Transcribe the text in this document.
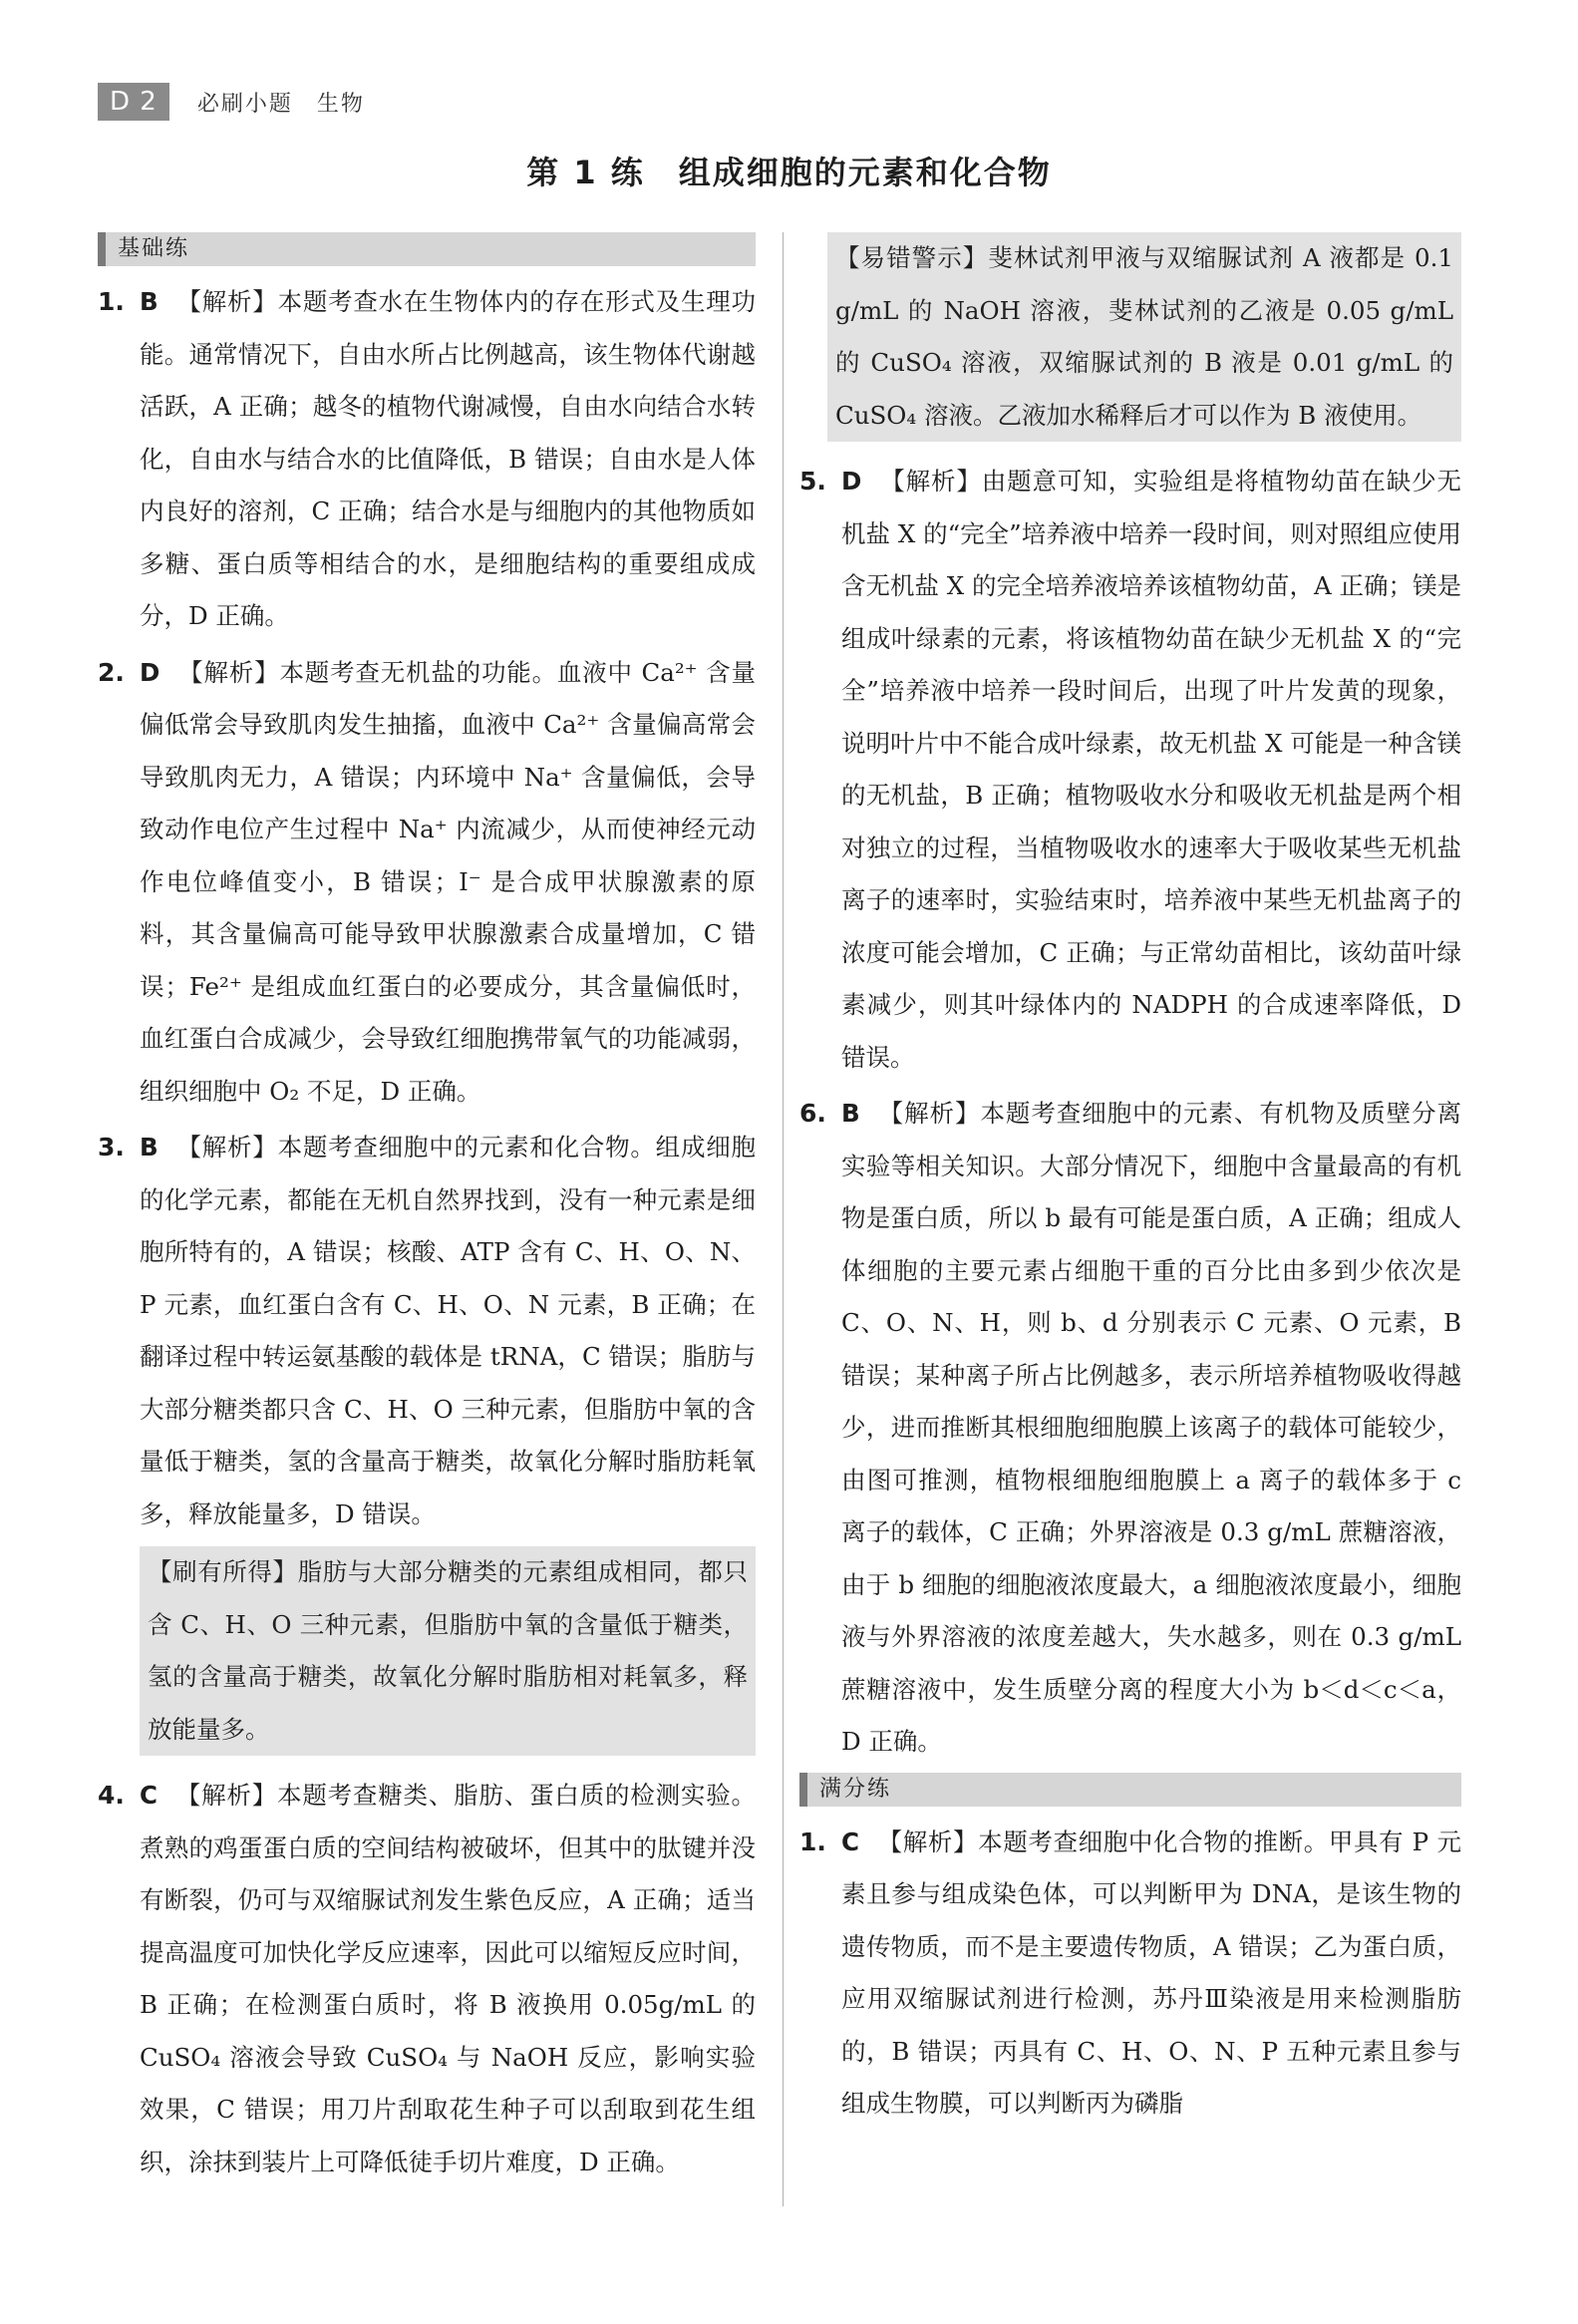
D 2	必刷小题　生物
第 1 练　组成细胞的元素和化合物
基础练
1. B 【解析】本题考查水在生物体内的存在形式及生理功能。通常情况下，自由水所占比例越高，该生物体代谢越活跃，A 正确；越冬的植物代谢减慢，自由水向结合水转化，自由水与结合水的比值降低，B 错误；自由水是人体内良好的溶剂，C 正确；结合水是与细胞内的其他物质如多糖、蛋白质等相结合的水，是细胞结构的重要组成成分，D 正确。
2. D 【解析】本题考查无机盐的功能。血液中 Ca²⁺ 含量偏低常会导致肌肉发生抽搐，血液中 Ca²⁺ 含量偏高常会导致肌肉无力，A 错误；内环境中 Na⁺ 含量偏低，会导致动作电位产生过程中 Na⁺ 内流减少，从而使神经元动作电位峰值变小，B 错误；I⁻ 是合成甲状腺激素的原料，其含量偏高可能导致甲状腺激素合成量增加，C 错误；Fe²⁺ 是组成血红蛋白的必要成分，其含量偏低时，血红蛋白合成减少，会导致红细胞携带氧气的功能减弱，组织细胞中 O₂ 不足，D 正确。
3. B 【解析】本题考查细胞中的元素和化合物。组成细胞的化学元素，都能在无机自然界找到，没有一种元素是细胞所特有的，A 错误；核酸、ATP 含有 C、H、O、N、P 元素，血红蛋白含有 C、H、O、N 元素，B 正确；在翻译过程中转运氨基酸的载体是 tRNA，C 错误；脂肪与大部分糖类都只含 C、H、O 三种元素，但脂肪中氧的含量低于糖类，氢的含量高于糖类，故氧化分解时脂肪耗氧多，释放能量多，D 错误。
【刷有所得】脂肪与大部分糖类的元素组成相同，都只含 C、H、O 三种元素，但脂肪中氧的含量低于糖类，氢的含量高于糖类，故氧化分解时脂肪相对耗氧多，释放能量多。
4. C 【解析】本题考查糖类、脂肪、蛋白质的检测实验。煮熟的鸡蛋蛋白质的空间结构被破坏，但其中的肽键并没有断裂，仍可与双缩脲试剂发生紫色反应，A 正确；适当提高温度可加快化学反应速率，因此可以缩短反应时间，B 正确；在检测蛋白质时，将 B 液换用 0.05g/mL 的 CuSO₄ 溶液会导致 CuSO₄ 与 NaOH 反应，影响实验效果，C 错误；用刀片刮取花生种子可以刮取到花生组织，涂抹到装片上可降低徒手切片难度，D 正确。
【易错警示】斐林试剂甲液与双缩脲试剂 A 液都是 0.1 g/mL 的 NaOH 溶液，斐林试剂的乙液是 0.05 g/mL 的 CuSO₄ 溶液，双缩脲试剂的 B 液是 0.01 g/mL 的 CuSO₄ 溶液。乙液加水稀释后才可以作为 B 液使用。
5. D 【解析】由题意可知，实验组是将植物幼苗在缺少无机盐 X 的“完全”培养液中培养一段时间，则对照组应使用含无机盐 X 的完全培养液培养该植物幼苗，A 正确；镁是组成叶绿素的元素，将该植物幼苗在缺少无机盐 X 的“完全”培养液中培养一段时间后，出现了叶片发黄的现象，说明叶片中不能合成叶绿素，故无机盐 X 可能是一种含镁的无机盐，B 正确；植物吸收水分和吸收无机盐是两个相对独立的过程，当植物吸收水的速率大于吸收某些无机盐离子的速率时，实验结束时，培养液中某些无机盐离子的浓度可能会增加，C 正确；与正常幼苗相比，该幼苗叶绿素减少，则其叶绿体内的 NADPH 的合成速率降低，D 错误。
6. B 【解析】本题考查细胞中的元素、有机物及质壁分离实验等相关知识。大部分情况下，细胞中含量最高的有机物是蛋白质，所以 b 最有可能是蛋白质，A 正确；组成人体细胞的主要元素占细胞干重的百分比由多到少依次是 C、O、N、H，则 b、d 分别表示 C 元素、O 元素，B 错误；某种离子所占比例越多，表示所培养植物吸收得越少，进而推断其根细胞细胞膜上该离子的载体可能较少，由图可推测，植物根细胞细胞膜上 a 离子的载体多于 c 离子的载体，C 正确；外界溶液是 0.3 g/mL 蔗糖溶液，由于 b 细胞的细胞液浓度最大，a 细胞液浓度最小，细胞液与外界溶液的浓度差越大，失水越多，则在 0.3 g/mL 蔗糖溶液中，发生质壁分离的程度大小为 b＜d＜c＜a，D 正确。
满分练
1. C 【解析】本题考查细胞中化合物的推断。甲具有 P 元素且参与组成染色体，可以判断甲为 DNA，是该生物的遗传物质，而不是主要遗传物质，A 错误；乙为蛋白质，应用双缩脲试剂进行检测，苏丹Ⅲ染液是用来检测脂肪的，B 错误；丙具有 C、H、O、N、P 五种元素且参与组成生物膜，可以判断丙为磷脂
